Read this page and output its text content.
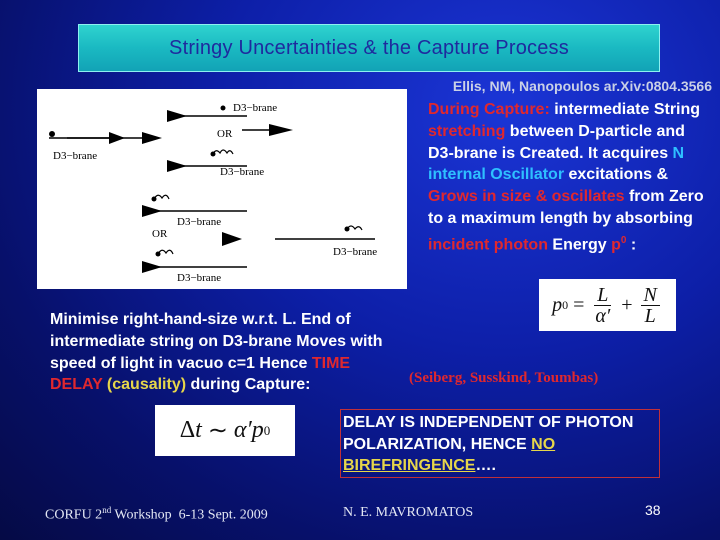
Stringy Uncertainties & the Capture Process
Ellis, NM, Nanopoulos ar.Xiv:0804.3566
D3−brane
OR
D3−brane
D3−brane
D3−brane
OR
D3−brane
D3−brane
During Capture: intermediate String stretching between D-particle and D3-brane is Created. It acquires N internal Oscillator excitations & Grows in size & oscillates from Zero to a maximum length by absorbing incident photon Energy $p^0$ :
p $0 = \frac{L}{\alpha'} + \frac{N}{L}$
Minimise right-hand-size w.r.t. L. End of intermediate string on D3-brane Moves with speed of light in vacuo c=1 Hence TIME DELAY (causality) during Capture:
Δ t ∼ α′ p 0
(Seiberg, Susskind, Toumbas)
DELAY IS INDEPENDENT OF PHOTON POLARIZATION, HENCE NO BIREFRINGENCE….
CORFU 2nd Workshop  6-13 Sept. 2009	N. E. MAVROMATOS	38
